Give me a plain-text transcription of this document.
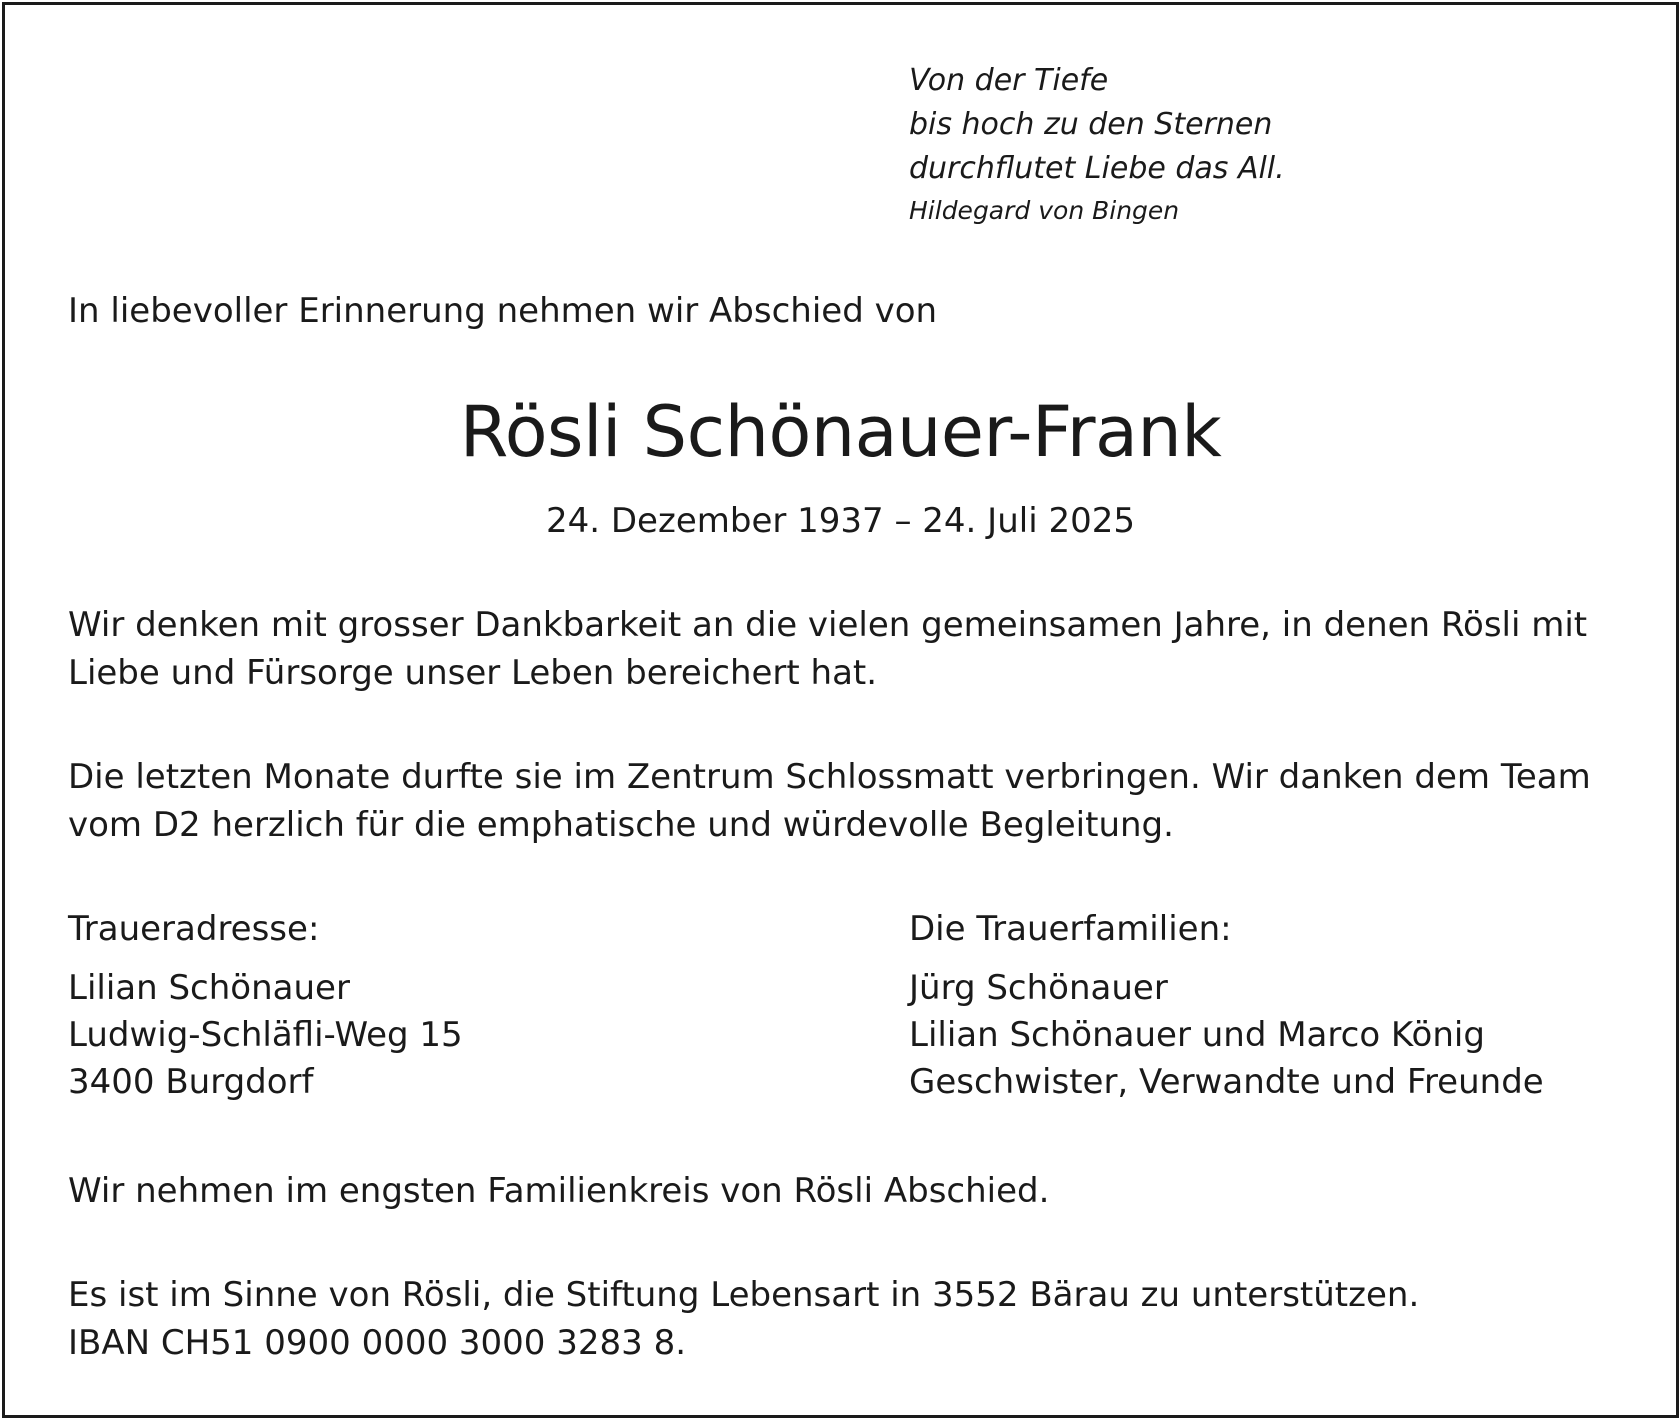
Von der Tiefe
bis hoch zu den Sternen
durchflutet Liebe das All.
Hildegard von Bingen
In liebevoller Erinnerung nehmen wir Abschied von
Rösli Schönauer-Frank
24. Dezember 1937 – 24. Juli 2025
Wir denken mit grosser Dankbarkeit an die vielen gemeinsamen Jahre, in denen Rösli mit
Liebe und Fürsorge unser Leben bereichert hat.
Die letzten Monate durfte sie im Zentrum Schlossmatt verbringen. Wir danken dem Team
vom D2 herzlich für die emphatische und würdevolle Begleitung.
Traueradresse:
Lilian Schönauer
Ludwig-Schläfli-Weg 15
3400 Burgdorf
Die Trauerfamilien:
Jürg Schönauer
Lilian Schönauer und Marco König
Geschwister, Verwandte und Freunde
Wir nehmen im engsten Familienkreis von Rösli Abschied.
Es ist im Sinne von Rösli, die Stiftung Lebensart in 3552 Bärau zu unterstützen.
IBAN CH51 0900 0000 3000 3283 8.
